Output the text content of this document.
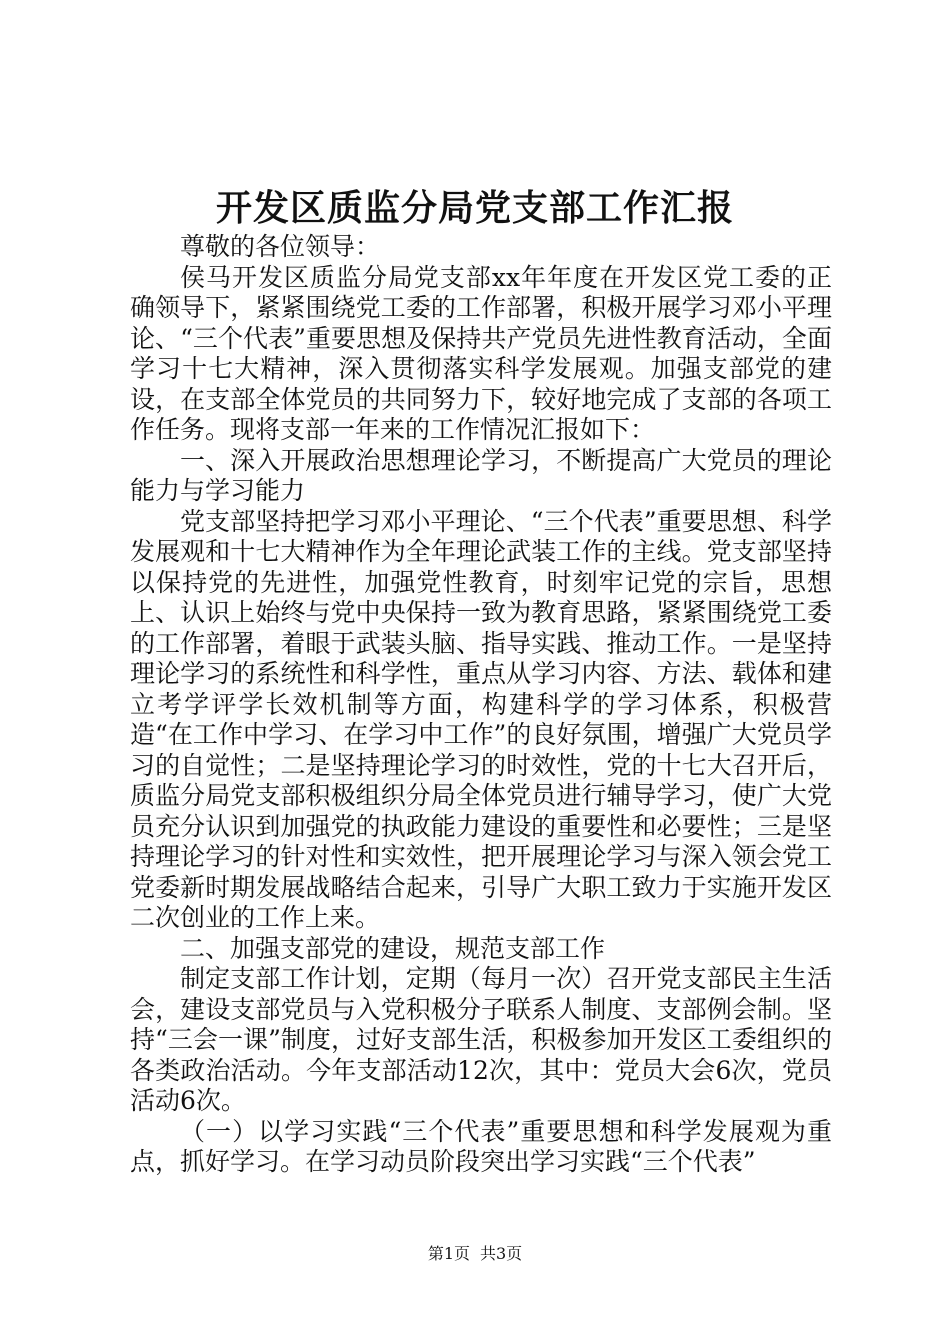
开发区质监分局党支部工作汇报

尊敬的各位领导：

侯马开发区质监分局党支部xx年年度在开发区党工委的正确领导下，紧紧围绕党工委的工作部署，积极开展学习邓小平理论、“三个代表”重要思想及保持共产党员先进性教育活动，全面学习十七大精神，深入贯彻落实科学发展观。加强支部党的建设，在支部全体党员的共同努力下，较好地完成了支部的各项工作任务。现将支部一年来的工作情况汇报如下：

一、深入开展政治思想理论学习，不断提高广大党员的理论能力与学习能力

党支部坚持把学习邓小平理论、“三个代表”重要思想、科学发展观和十七大精神作为全年理论武装工作的主线。党支部坚持以保持党的先进性，加强党性教育，时刻牢记党的宗旨，思想上、认识上始终与党中央保持一致为教育思路，紧紧围绕党工委的工作部署，着眼于武装头脑、指导实践、推动工作。一是坚持理论学习的系统性和科学性，重点从学习内容、方法、载体和建立考学评学长效机制等方面，构建科学的学习体系，积极营造“在工作中学习、在学习中工作”的良好氛围，增强广大党员学习的自觉性；二是坚持理论学习的时效性，党的十七大召开后，质监分局党支部积极组织分局全体党员进行辅导学习，使广大党员充分认识到加强党的执政能力建设的重要性和必要性；三是坚持理论学习的针对性和实效性，把开展理论学习与深入领会党工党委新时期发展战略结合起来，引导广大职工致力于实施开发区二次创业的工作上来。

二、加强支部党的建设，规范支部工作

制定支部工作计划，定期（每月一次）召开党支部民主生活会，建设支部党员与入党积极分子联系人制度、支部例会制。坚持“三会一课”制度，过好支部生活，积极参加开发区工委组织的各类政治活动。今年支部活动12次，其中：党员大会6次，党员活动6次。

（一）以学习实践“三个代表”重要思想和科学发展观为重点，抓好学习。在学习动员阶段突出学习实践“三个代表”

第1页 共3页
